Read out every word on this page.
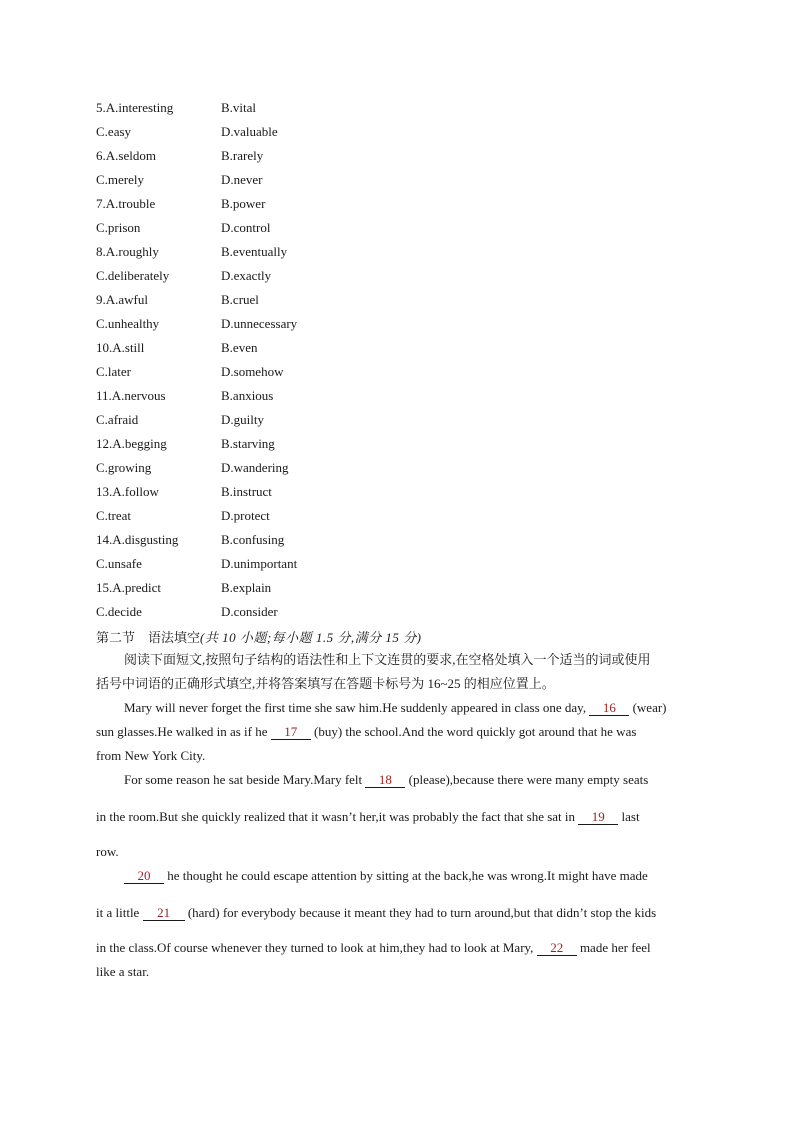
5.A.interesting	B.vital
C.easy	D.valuable
6.A.seldom	B.rarely
C.merely	D.never
7.A.trouble	B.power
C.prison	D.control
8.A.roughly	B.eventually
C.deliberately	D.exactly
9.A.awful	B.cruel
C.unhealthy	D.unnecessary
10.A.still	B.even
C.later	D.somehow
11.A.nervous	B.anxious
C.afraid	D.guilty
12.A.begging	B.starving
C.growing	D.wandering
13.A.follow	B.instruct
C.treat	D.protect
14.A.disgusting	B.confusing
C.unsafe	D.unimportant
15.A.predict	B.explain
C.decide	D.consider
第二节　语法填空(共 10 小题;每小题 1.5 分,满分 15 分)
阅读下面短文,按照句子结构的语法性和上下文连贯的要求,在空格处填入一个适当的词或使用
括号中词语的正确形式填空,并将答案填写在答题卡标号为 16~25 的相应位置上。
Mary will never forget the first time she saw him.He suddenly appeared in class one day, 16 (wear)
sun glasses.He walked in as if he 17 (buy) the school.And the word quickly got around that he was
from New York City.
For some reason he sat beside Mary.Mary felt 18 (please),because there were many empty seats
in the room.But she quickly realized that it wasn’t her,it was probably the fact that she sat in 19 last
row.
20 he thought he could escape attention by sitting at the back,he was wrong.It might have made
it a little 21 (hard) for everybody because it meant they had to turn around,but that didn’t stop the kids
in the class.Of course whenever they turned to look at him,they had to look at Mary, 22 made her feel
like a star.
